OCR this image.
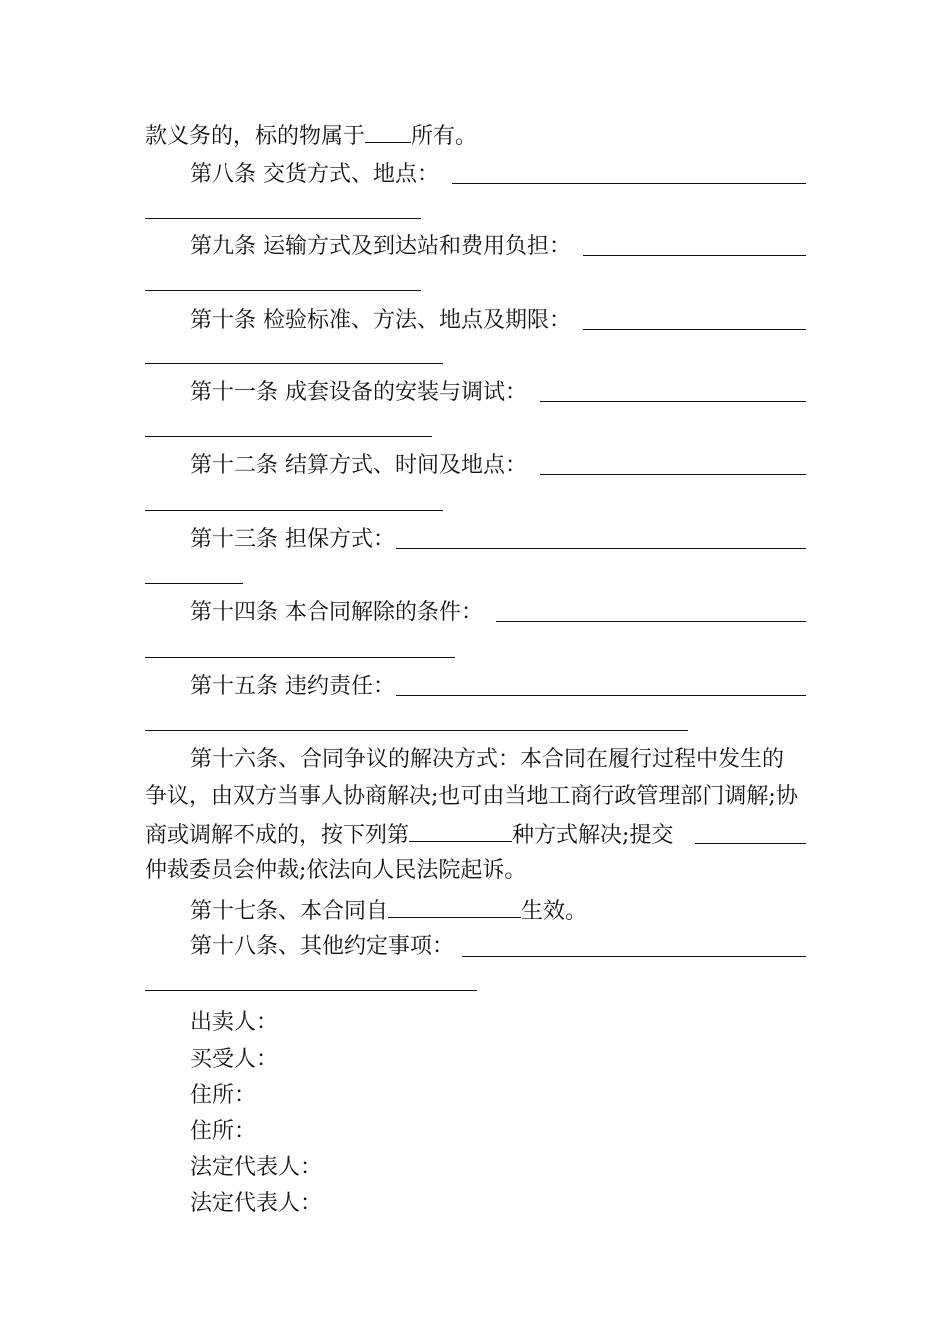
款义务的，标的物属于 所有。
第八条 交货方式、地点：
第九条 运输方式及到达站和费用负担：
第十条 检验标准、方法、地点及期限：
第十一条 成套设备的安装与调试：
第十二条 结算方式、时间及地点：
第十三条 担保方式：
第十四条 本合同解除的条件：
第十五条 违约责任：
第十六条、合同争议的解决方式：本合同在履行过程中发生的
争议，由双方当事人协商解决;也可由当地工商行政管理部门调解;协
商或调解不成的，按下列第	种方式解决;提交
仲裁委员会仲裁;依法向人民法院起诉。
第十七条、本合同自	生效。
第十八条、其他约定事项：
出卖人：
买受人：
住所：
住所：
法定代表人：
法定代表人：
